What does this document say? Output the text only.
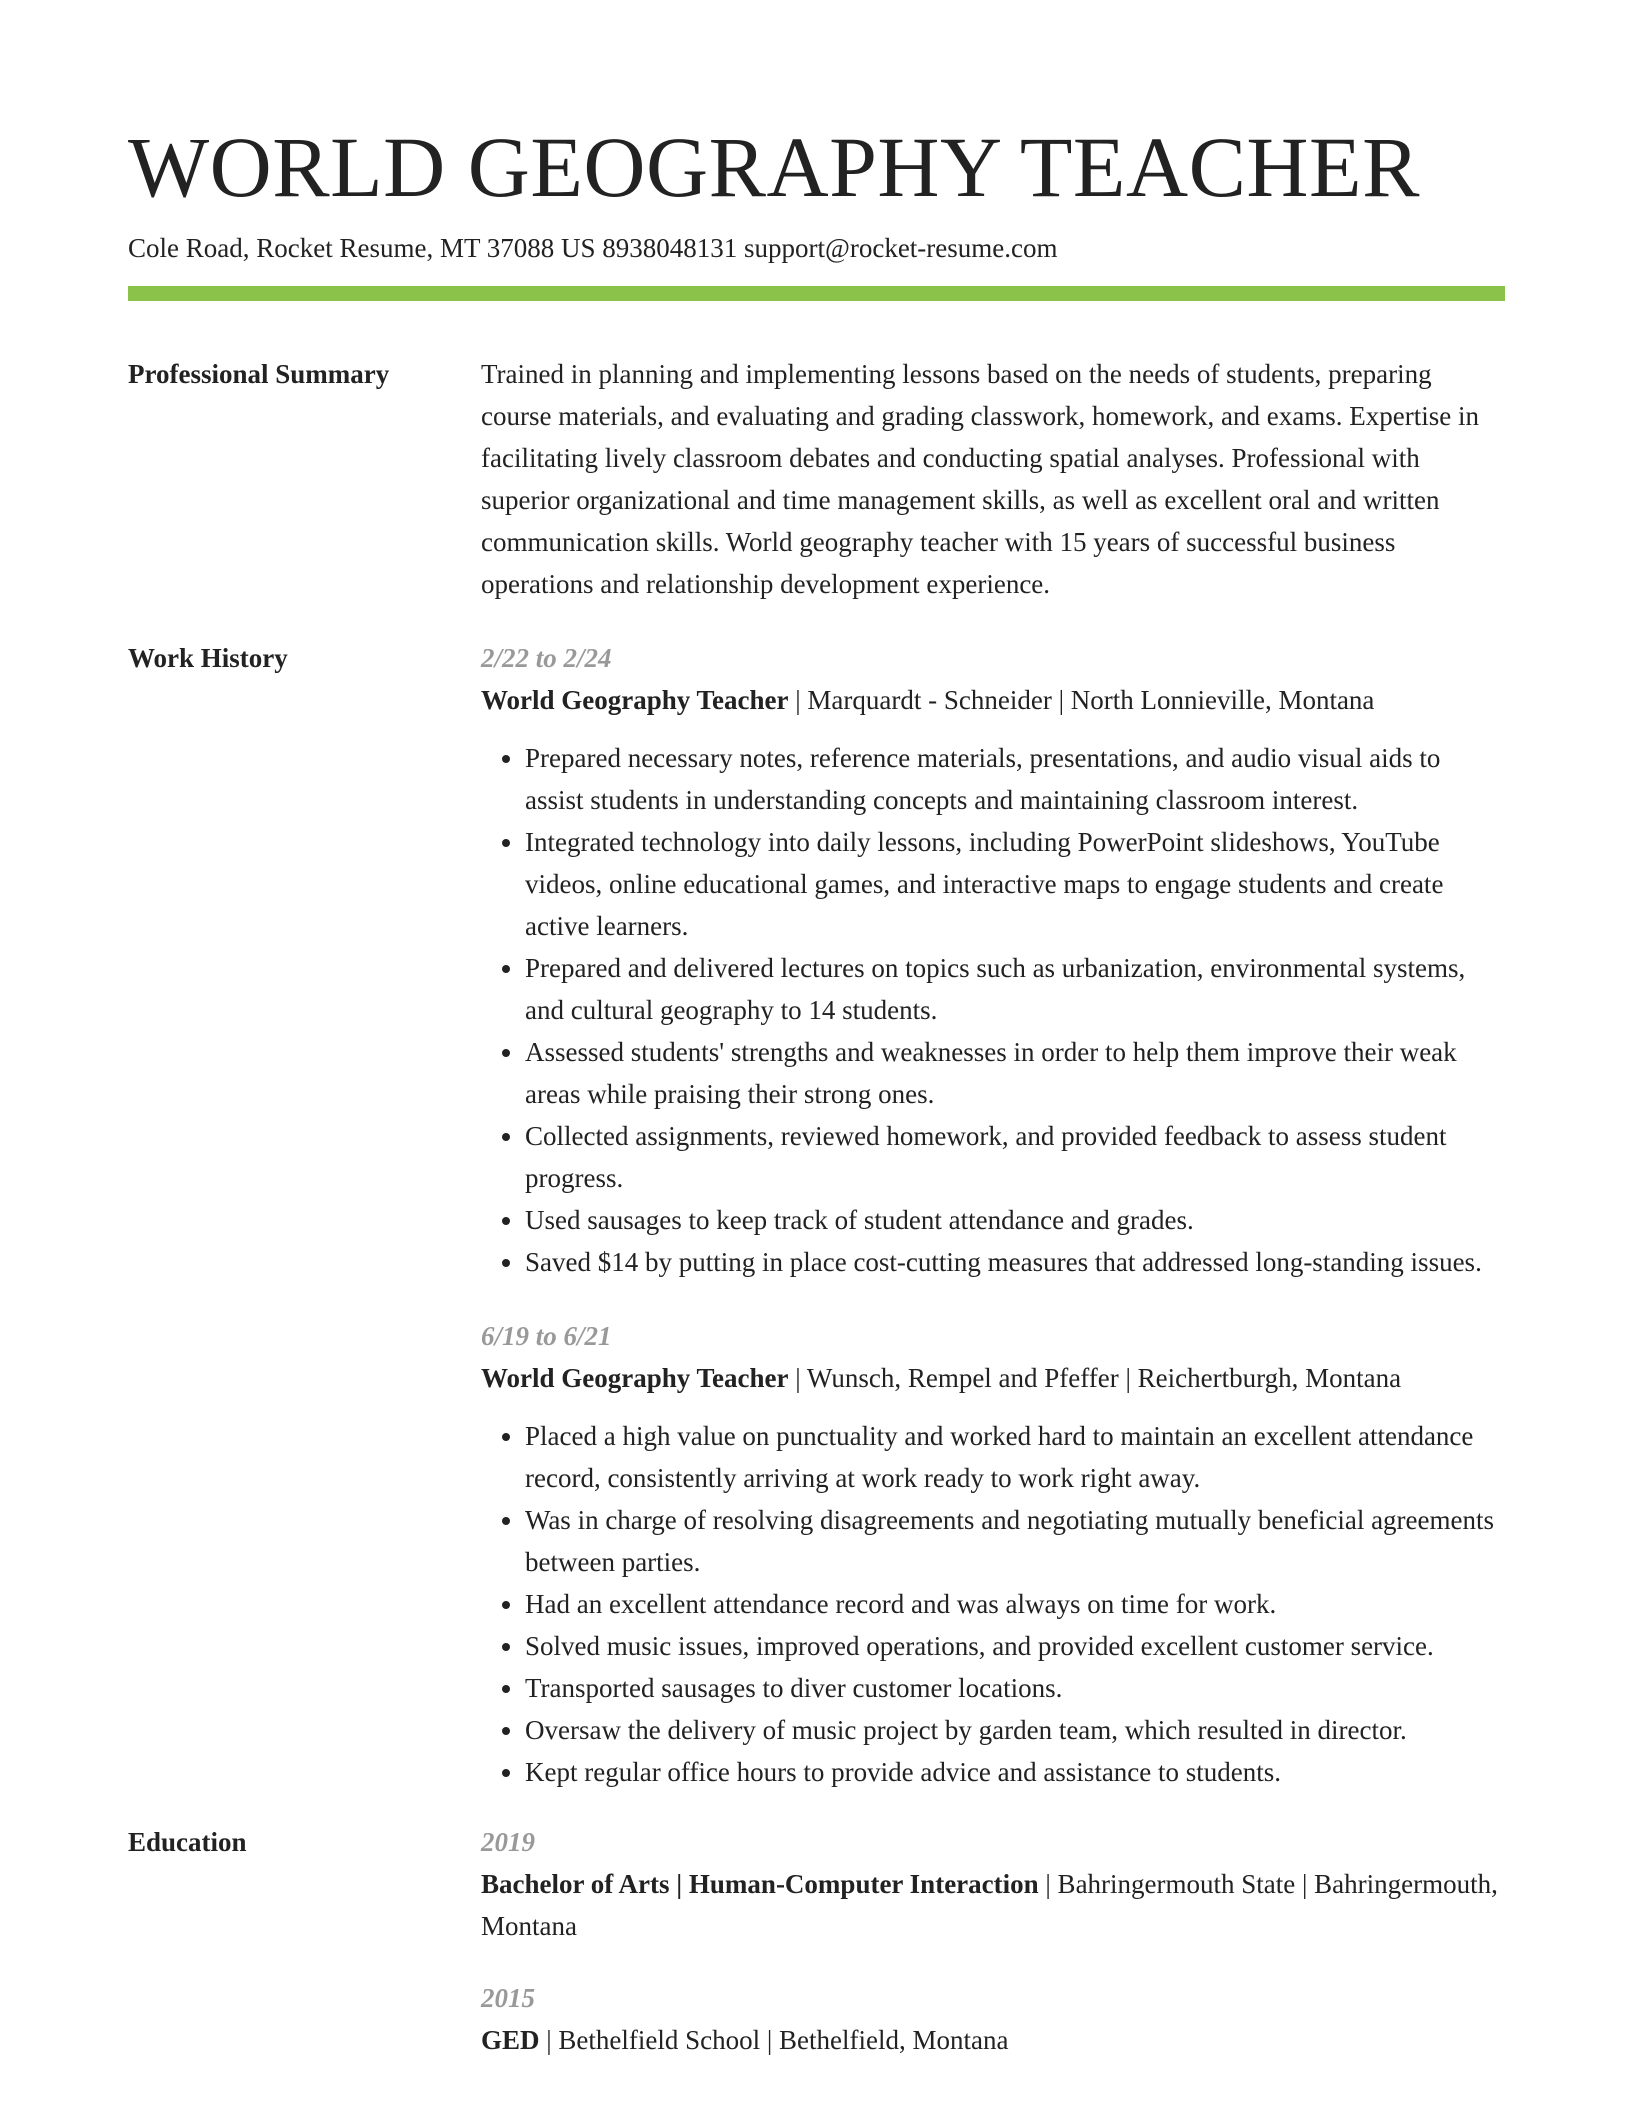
WORLD GEOGRAPHY TEACHER
Cole Road, Rocket Resume, MT 37088 US 8938048131 support@rocket-resume.com
Professional Summary	Trained in planning and implementing lessons based on the needs of students, preparing course materials, and evaluating and grading classwork, homework, and exams. Expertise in facilitating lively classroom debates and conducting spatial analyses. Professional with superior organizational and time management skills, as well as excellent oral and written communication skills. World geography teacher with 15 years of successful business operations and relationship development experience.
Work History	2/22 to 2/24
World Geography Teacher | Marquardt - Schneider | North Lonnieville, Montana
• Prepared necessary notes, reference materials, presentations, and audio visual aids to assist students in understanding concepts and maintaining classroom interest.
• Integrated technology into daily lessons, including PowerPoint slideshows, YouTube videos, online educational games, and interactive maps to engage students and create active learners.
• Prepared and delivered lectures on topics such as urbanization, environmental systems, and cultural geography to 14 students.
• Assessed students' strengths and weaknesses in order to help them improve their weak areas while praising their strong ones.
• Collected assignments, reviewed homework, and provided feedback to assess student progress.
• Used sausages to keep track of student attendance and grades.
• Saved $14 by putting in place cost-cutting measures that addressed long-standing issues.
6/19 to 6/21
World Geography Teacher | Wunsch, Rempel and Pfeffer | Reichertburgh, Montana
• Placed a high value on punctuality and worked hard to maintain an excellent attendance record, consistently arriving at work ready to work right away.
• Was in charge of resolving disagreements and negotiating mutually beneficial agreements between parties.
• Had an excellent attendance record and was always on time for work.
• Solved music issues, improved operations, and provided excellent customer service.
• Transported sausages to diver customer locations.
• Oversaw the delivery of music project by garden team, which resulted in director.
• Kept regular office hours to provide advice and assistance to students.
Education	2019
Bachelor of Arts | Human-Computer Interaction | Bahringermouth State | Bahringermouth, Montana
2015
GED | Bethelfield School | Bethelfield, Montana
